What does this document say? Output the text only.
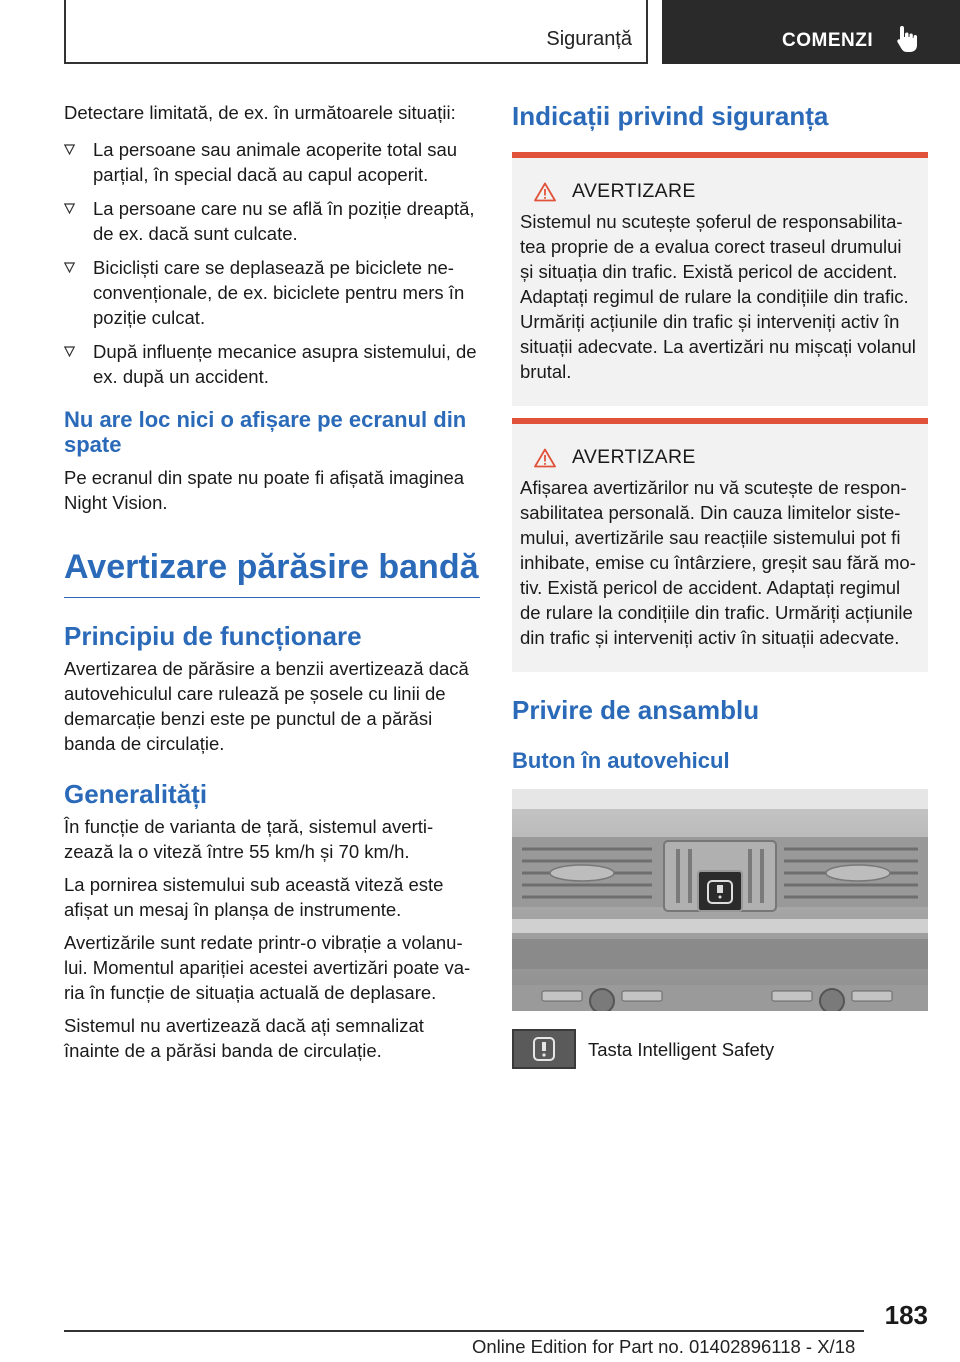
Siguranță	COMENZI

Detectare limitată, de ex. în următoarele situații:

La persoane sau animale acoperite total sau parțial, în special dacă au capul acoperit.
La persoane care nu se află în poziție dreaptă, de ex. dacă sunt culcate.
Bicicliști care se deplasează pe biciclete ne-convenționale, de ex. biciclete pentru mers în poziție culcat.
După influențe mecanice asupra sistemului, de ex. după un accident.
Nu are loc nici o afișare pe ecranul din spate

Pe ecranul din spate nu poate fi afișată imaginea Night Vision.

Avertizare părăsire bandă
Principiu de funcționare

Avertizarea de părăsire a benzii avertizează dacă autovehiculul care rulează pe șosele cu linii de demarcație benzi este pe punctul de a părăsi banda de circulație.

Generalități

În funcție de varianta de țară, sistemul averti-zează la o viteză între 55 km/h și 70 km/h.

La pornirea sistemului sub această viteză este afișat un mesaj în planșa de instrumente.

Avertizările sunt redate printr-o vibrație a volanu-lui. Momentul apariției acestei avertizări poate va-ria în funcție de situația actuală de deplasare.

Sistemul nu avertizează dacă ați semnalizat înainte de a părăsi banda de circulație.

Indicații privind siguranța
AVERTIZARE

Sistemul nu scutește șoferul de responsabilita-tea proprie de a evalua corect traseul drumului și situația din trafic. Există pericol de accident. Adaptați regimul de rulare la condițiile din trafic. Urmăriți acțiunile din trafic și interveniți activ în situații adecvate. La avertizări nu mișcați volanul brutal.

AVERTIZARE

Afișarea avertizărilor nu vă scutește de respon-sabilitatea personală. Din cauza limitelor siste-mului, avertizările sau reacțiile sistemului pot fi inhibate, emise cu întârziere, greșit sau fără mo-tiv. Există pericol de accident. Adaptați regimul de rulare la condițiile din trafic. Urmăriți acțiunile din trafic și interveniți activ în situații adecvate.

Privire de ansamblu
Buton în autovehicul
Tasta Intelligent Safety
183
Online Edition for Part no. 01402896118 - X/18
